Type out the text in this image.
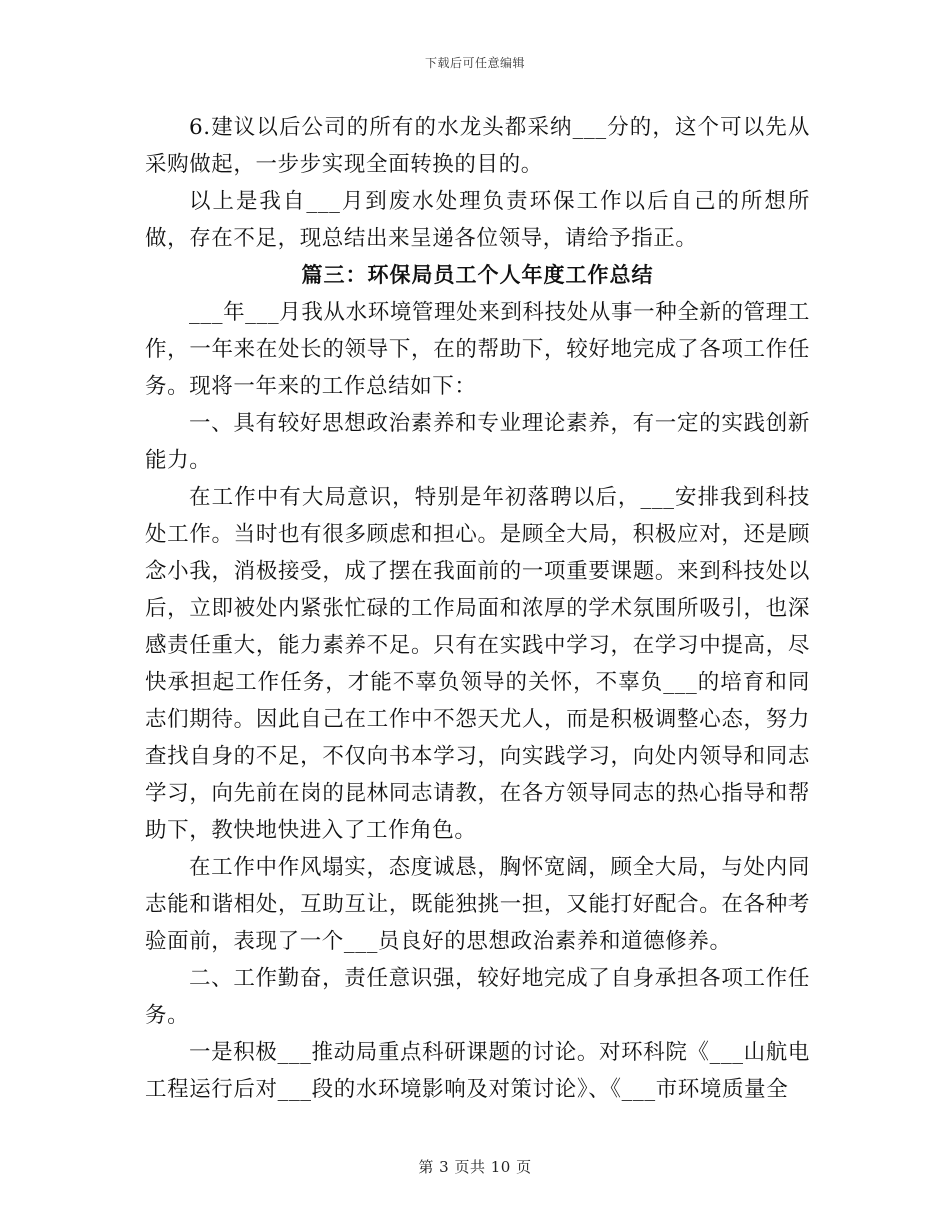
下载后可任意编辑

6.建议以后公司的所有的水龙头都采纳___分的，这个可以先从采购做起，一步步实现全面转换的目的。

以上是我自___月到废水处理负责环保工作以后自己的所想所做，存在不足，现总结出来呈递各位领导，请给予指正。

篇三：环保局员工个人年度工作总结

___年___月我从水环境管理处来到科技处从事一种全新的管理工作，一年来在处长的领导下，在的帮助下，较好地完成了各项工作任务。现将一年来的工作总结如下：

一、具有较好思想政治素养和专业理论素养，有一定的实践创新能力。

在工作中有大局意识，特别是年初落聘以后，___安排我到科技处工作。当时也有很多顾虑和担心。是顾全大局，积极应对，还是顾念小我，消极接受，成了摆在我面前的一项重要课题。来到科技处以后，立即被处内紧张忙碌的工作局面和浓厚的学术氛围所吸引，也深感责任重大，能力素养不足。只有在实践中学习，在学习中提高，尽快承担起工作任务，才能不辜负领导的关怀，不辜负___的培育和同志们期待。因此自己在工作中不怨天尤人，而是积极调整心态，努力查找自身的不足，不仅向书本学习，向实践学习，向处内领导和同志学习，向先前在岗的昆林同志请教，在各方领导同志的热心指导和帮助下，教快地快进入了工作角色。

在工作中作风塌实，态度诚恳，胸怀宽阔，顾全大局，与处内同志能和谐相处，互助互让，既能独挑一担，又能打好配合。在各种考验面前，表现了一个___员良好的思想政治素养和道德修养。

二、工作勤奋，责任意识强，较好地完成了自身承担各项工作任务。

一是积极___推动局重点科研课题的讨论。对环科院《___山航电工程运行后对___段的水环境影响及对策讨论》、《___市环境质量全

第 3 页共 10 页
